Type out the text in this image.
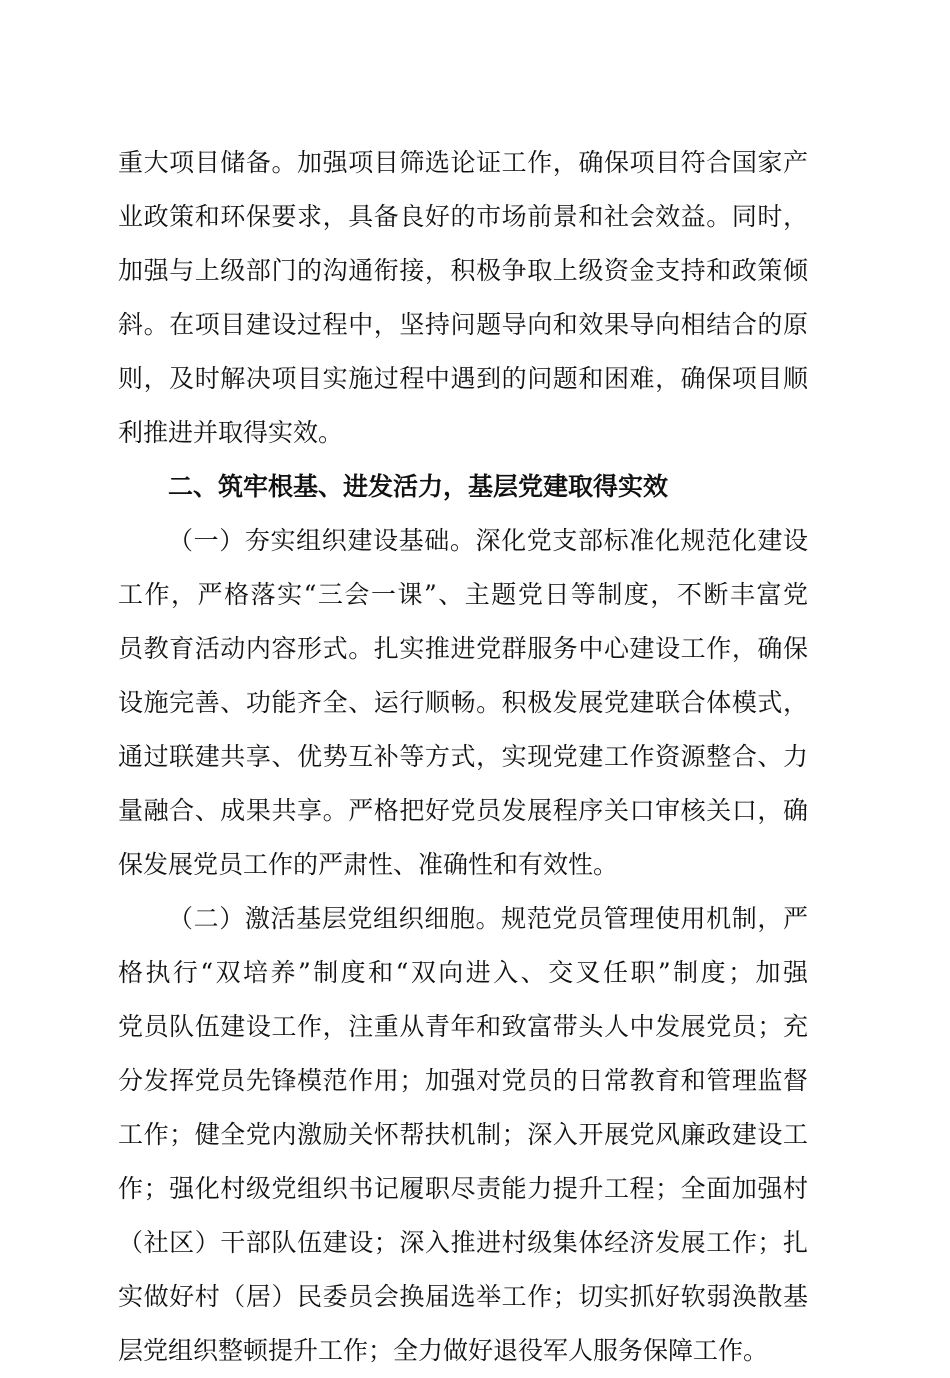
重大项目储备。加强项目筛选论证工作，确保项目符合国家产
业政策和环保要求，具备良好的市场前景和社会效益。同时，
加强与上级部门的沟通衔接，积极争取上级资金支持和政策倾
斜。在项目建设过程中，坚持问题导向和效果导向相结合的原
则，及时解决项目实施过程中遇到的问题和困难，确保项目顺
利推进并取得实效。
二、筑牢根基、进发活力，基层党建取得实效
（一）夯实组织建设基础。深化党支部标准化规范化建设
工作，严格落实“三会一课”、主题党日等制度，不断丰富党
员教育活动内容形式。扎实推进党群服务中心建设工作，确保
设施完善、功能齐全、运行顺畅。积极发展党建联合体模式，
通过联建共享、优势互补等方式，实现党建工作资源整合、力
量融合、成果共享。严格把好党员发展程序关口审核关口，确
保发展党员工作的严肃性、准确性和有效性。
（二）激活基层党组织细胞。规范党员管理使用机制，严
格执行“双培养”制度和“双向进入、交叉任职”制度；加强
党员队伍建设工作，注重从青年和致富带头人中发展党员；充
分发挥党员先锋模范作用；加强对党员的日常教育和管理监督
工作；健全党内激励关怀帮扶机制；深入开展党风廉政建设工
作；强化村级党组织书记履职尽责能力提升工程；全面加强村
（社区）干部队伍建设；深入推进村级集体经济发展工作；扎
实做好村（居）民委员会换届选举工作；切实抓好软弱涣散基
层党组织整顿提升工作；全力做好退役军人服务保障工作。
